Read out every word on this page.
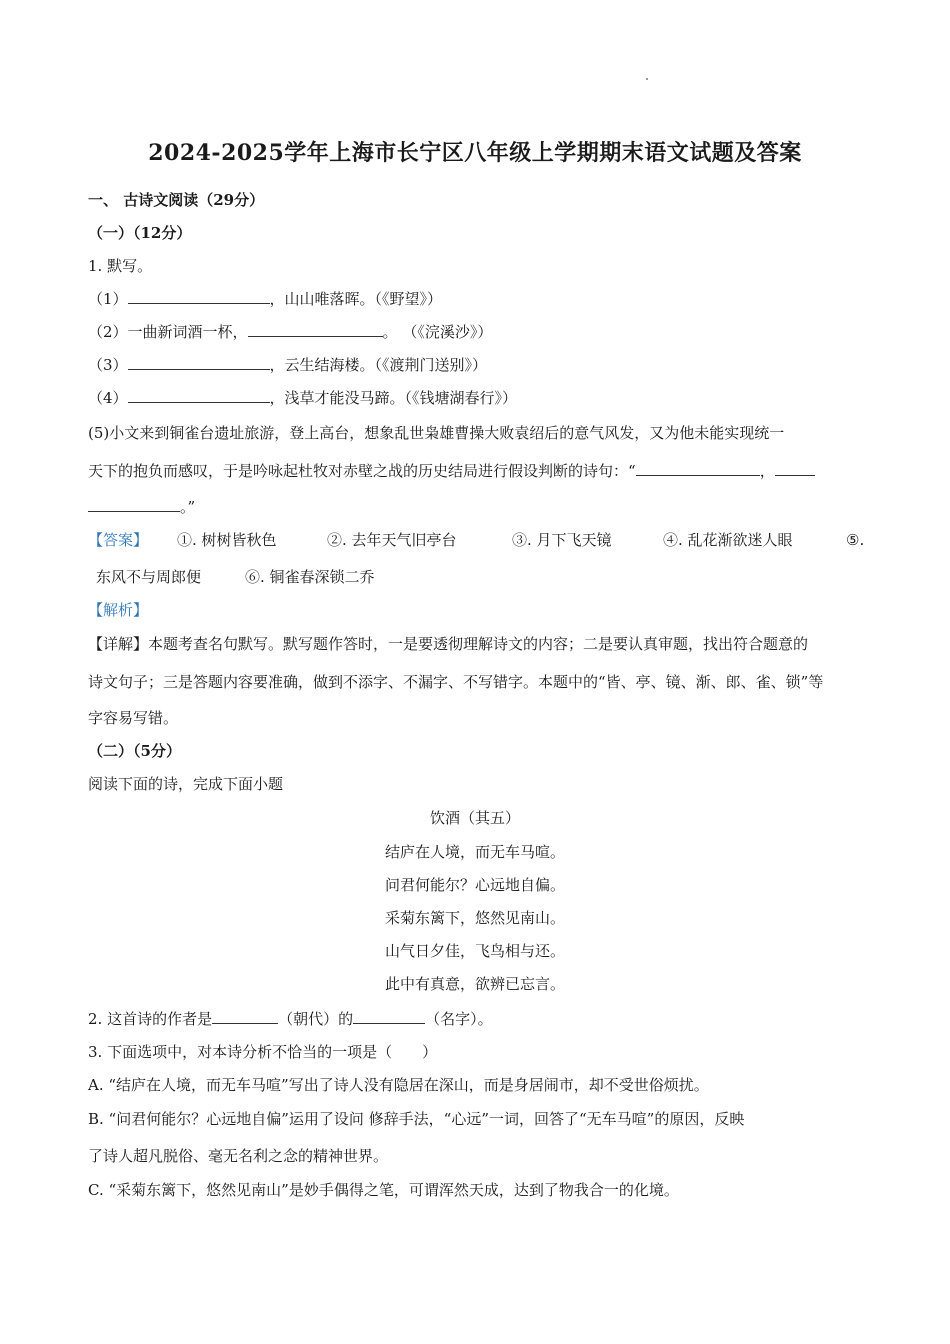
2024-2025学年上海市长宁区八年级上学期期末语文试题及答案
一、 古诗文阅读（29分）
（一）（12分）
1. 默写。
（1）	，山山唯落晖。（《野望》）
（2）一曲新词酒一杯，	。 （《浣溪沙》）
（3）	，云生结海楼。（《渡荆门送别》）
（4）	，浅草才能没马蹄。（《钱塘湖春行》）
(5)小文来到铜雀台遗址旅游，登上高台，想象乱世枭雄曹操大败袁绍后的意气风发，又为他未能实现统一
天下的抱负而感叹，于是吟咏起杜牧对赤壁之战的历史结局进行假设判断的诗句：“	，
。”
【答案】 ①. 树树皆秋色	②. 去年天气旧亭台	③. 月下飞天镜	④. 乱花渐欲迷人眼	⑤.
东风不与周郎便	⑥. 铜雀春深锁二乔
【解析】
【详解】本题考查名句默写。默写题作答时，一是要透彻理解诗文的内容；二是要认真审题，找出符合题意的
诗文句子；三是答题内容要准确，做到不添字、不漏字、不写错字。本题中的“皆、亭、镜、渐、郎、雀、锁”等
字容易写错。
（二）（5分）
阅读下面的诗，完成下面小题
饮酒（其五）
结庐在人境，而无车马喧。
问君何能尔？心远地自偏。
采菊东篱下，悠然见南山。
山气日夕佳，飞鸟相与还。
此中有真意，欲辨已忘言。
2. 这首诗的作者是	（朝代）的	（名字）。
3. 下面选项中，对本诗分析不恰当的一项是（　　）
A. “结庐在人境，而无车马喧”写出了诗人没有隐居在深山，而是身居闹市，却不受世俗烦扰。
B. “问君何能尔？心远地自偏”运用了设问 修辞手法，“心远”一词，回答了“无车马喧”的原因，反映
了诗人超凡脱俗、毫无名利之念的精神世界。
C. “采菊东篱下，悠然见南山”是妙手偶得之笔，可谓浑然天成，达到了物我合一的化境。
